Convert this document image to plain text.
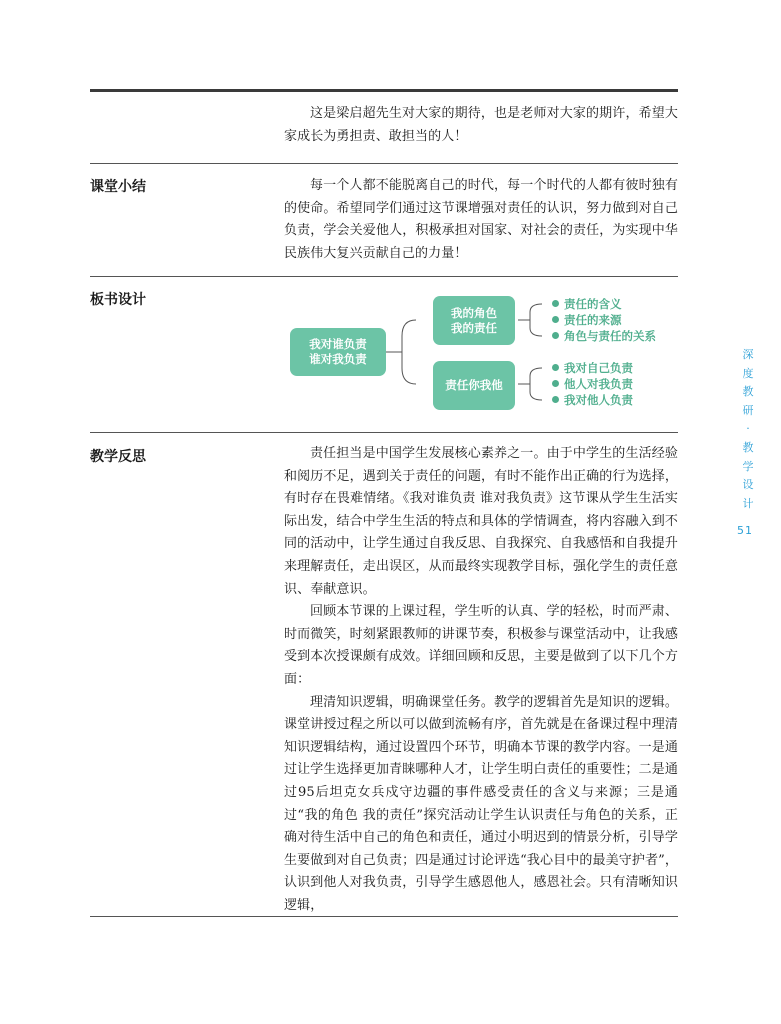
这是梁启超先生对大家的期待，也是老师对大家的期许，希望大家成长为勇担责、敢担当的人！

课堂小结	每一个人都不能脱离自己的时代，每一个时代的人都有彼时独有的使命。希望同学们通过这节课增强对责任的认识，努力做到对自己负责，学会关爱他人，积极承担对国家、对社会的责任，为实现中华民族伟大复兴贡献自己的力量！

板书设计
我对谁负责
谁对我负责
我的角色
我的责任
责任你我他
责任的含义
责任的来源
角色与责任的关系
我对自己负责
他人对我负责
我对他人负责
教学反思	责任担当是中国学生发展核心素养之一。由于中学生的生活经验和阅历不足，遇到关于责任的问题，有时不能作出正确的行为选择，有时存在畏难情绪。《我对谁负责 谁对我负责》这节课从学生生活实际出发，结合中学生生活的特点和具体的学情调查，将内容融入到不同的活动中，让学生通过自我反思、自我探究、自我感悟和自我提升来理解责任，走出误区，从而最终实现教学目标，强化学生的责任意识、奉献意识。

回顾本节课的上课过程，学生听的认真、学的轻松，时而严肃、时而微笑，时刻紧跟教师的讲课节奏，积极参与课堂活动中，让我感受到本次授课颇有成效。详细回顾和反思，主要是做到了以下几个方面：

理清知识逻辑，明确课堂任务。教学的逻辑首先是知识的逻辑。课堂讲授过程之所以可以做到流畅有序，首先就是在备课过程中理清知识逻辑结构，通过设置四个环节，明确本节课的教学内容。一是通过让学生选择更加青睐哪种人才，让学生明白责任的重要性；二是通过95后坦克女兵戍守边疆的事件感受责任的含义与来源；三是通过“我的角色 我的责任”探究活动让学生认识责任与角色的关系，正确对待生活中自己的角色和责任，通过小明迟到的情景分析，引导学生要做到对自己负责；四是通过讨论评选“我心目中的最美守护者”，认识到他人对我负责，引导学生感恩他人，感恩社会。只有清晰知识逻辑，

深
度
教
研
·
教
学
设
计
51
